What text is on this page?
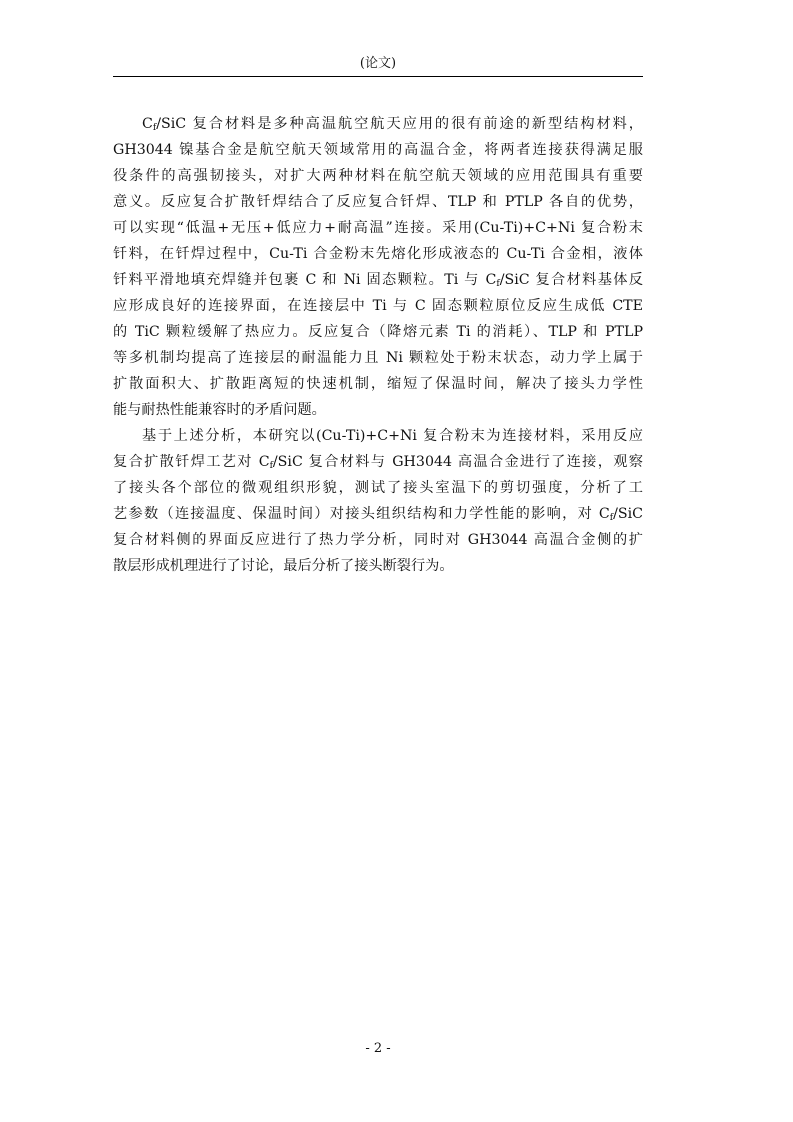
(论文)
$C_f$/SiC 复合材料是多种高温航空航天应用的很有前途的新型结构材料，
GH3044 镍基合金是航空航天领域常用的高温合金，将两者连接获得满足服
役条件的高强韧接头，对扩大两种材料在航空航天领域的应用范围具有重要
意义。反应复合扩散钎焊结合了反应复合钎焊、TLP 和 PTLP 各自的优势，
可以实现“低温+无压+低应力+耐高温”连接。采用(Cu-Ti)+C+Ni 复合粉末
钎料，在钎焊过程中，Cu-Ti 合金粉末先熔化形成液态的 Cu-Ti 合金相，液体
钎料平滑地填充焊缝并包裹 C 和 Ni 固态颗粒。Ti 与 $C_f$/SiC 复合材料基体反
应形成良好的连接界面，在连接层中 Ti 与 C 固态颗粒原位反应生成低 CTE
的 TiC 颗粒缓解了热应力。反应复合（降熔元素 Ti 的消耗）、TLP 和 PTLP
等多机制均提高了连接层的耐温能力且 Ni 颗粒处于粉末状态，动力学上属于
扩散面积大、扩散距离短的快速机制，缩短了保温时间，解决了接头力学性
能与耐热性能兼容时的矛盾问题。
基于上述分析，本研究以(Cu-Ti)+C+Ni 复合粉末为连接材料，采用反应
复合扩散钎焊工艺对 $C_f$/SiC 复合材料与 GH3044 高温合金进行了连接，观察
了接头各个部位的微观组织形貌，测试了接头室温下的剪切强度，分析了工
艺参数（连接温度、保温时间）对接头组织结构和力学性能的影响，对 $C_f$/SiC
复合材料侧的界面反应进行了热力学分析，同时对 GH3044 高温合金侧的扩
散层形成机理进行了讨论，最后分析了接头断裂行为。
- 2 -
